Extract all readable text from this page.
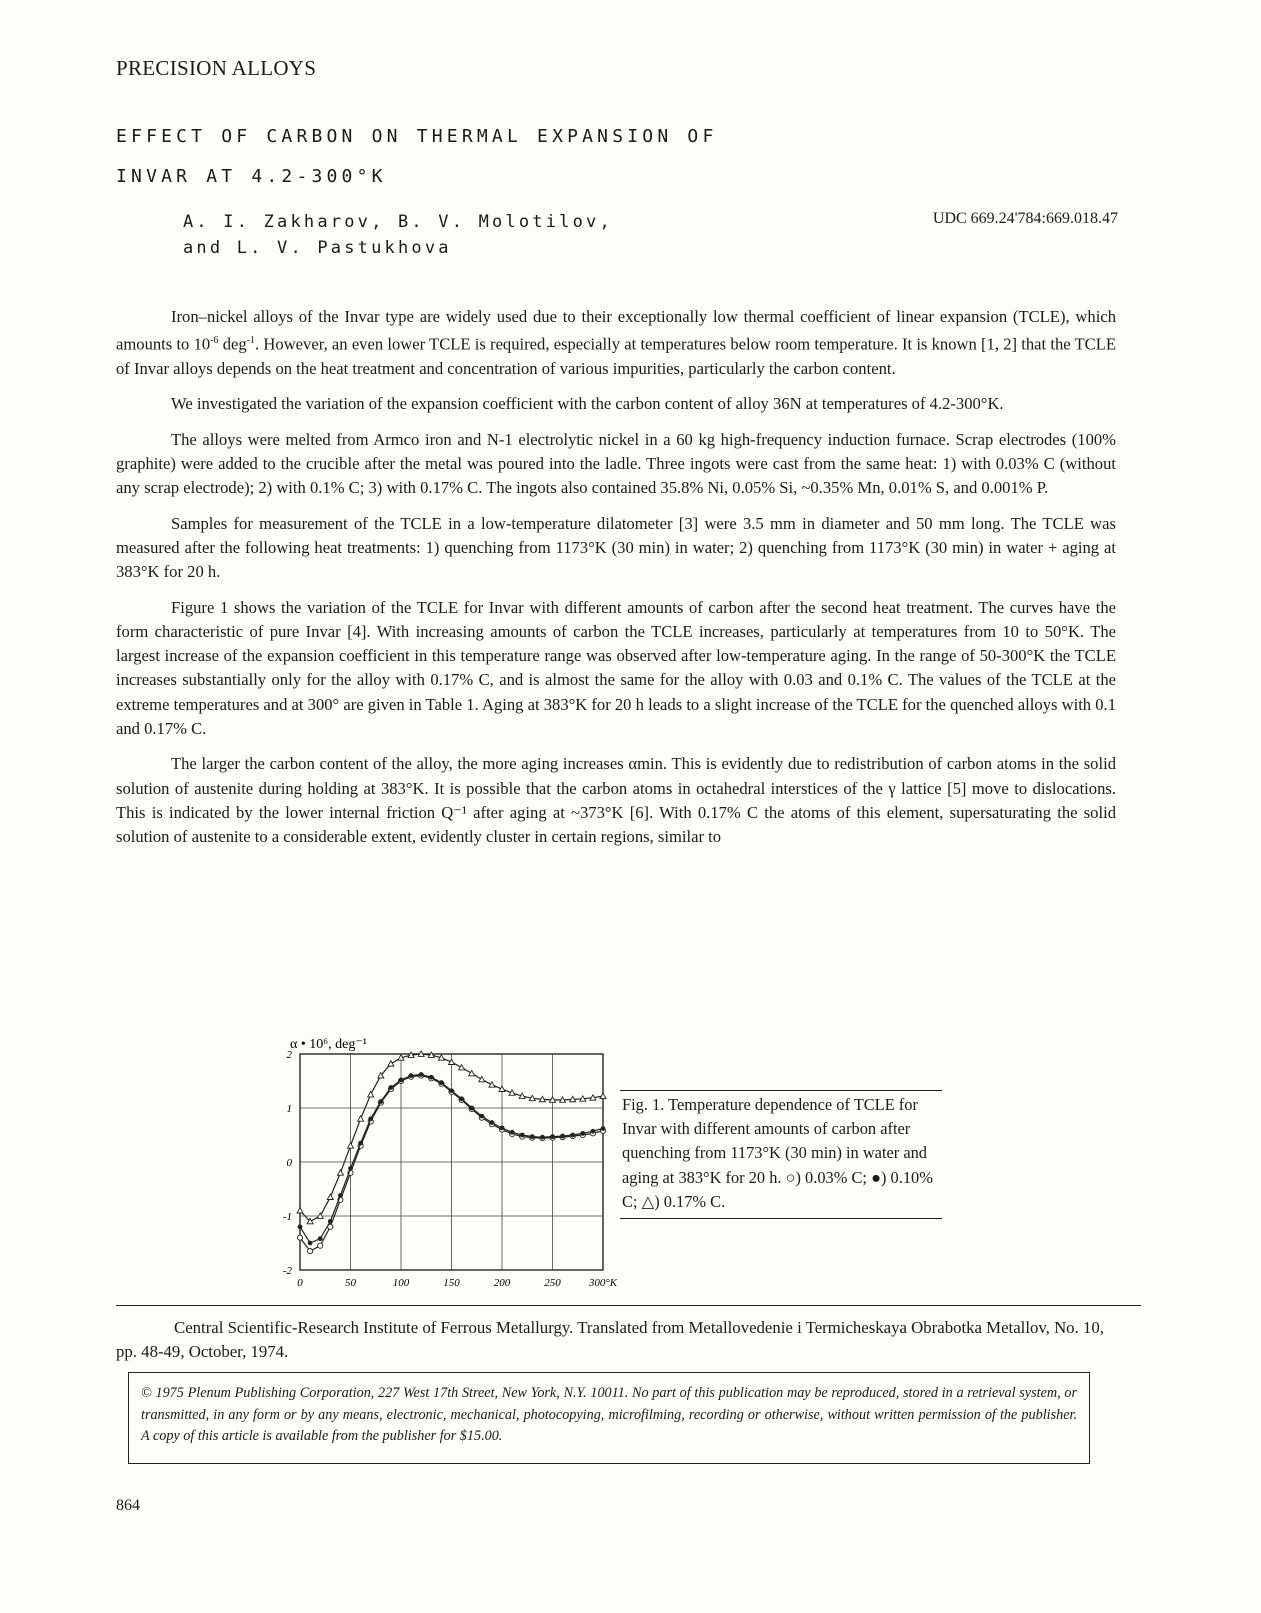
PRECISION ALLOYS
EFFECT OF CARBON ON THERMAL EXPANSION OF
INVAR AT 4.2-300°K
A. I. Zakharov, B. V. Molotilov,
and L. V. Pastukhova
UDC 669.24'784:669.018.47

Iron–nickel alloys of the Invar type are widely used due to their exceptionally low thermal coefficient of linear expansion (TCLE), which amounts to $10^{-6}$ deg$^{-1}$. However, an even lower TCLE is required, especially at temperatures below room temperature. It is known [1, 2] that the TCLE of Invar alloys depends on the heat treatment and concentration of various impurities, particularly the carbon content.

We investigated the variation of the expansion coefficient with the carbon content of alloy 36N at temperatures of 4.2-300°K.

The alloys were melted from Armco iron and N-1 electrolytic nickel in a 60 kg high-frequency induction furnace. Scrap electrodes (100% graphite) were added to the crucible after the metal was poured into the ladle. Three ingots were cast from the same heat: 1) with 0.03% C (without any scrap electrode); 2) with 0.1% C; 3) with 0.17% C. The ingots also contained 35.8% Ni, 0.05% Si, ~0.35% Mn, 0.01% S, and 0.001% P.

Samples for measurement of the TCLE in a low-temperature dilatometer [3] were 3.5 mm in diameter and 50 mm long. The TCLE was measured after the following heat treatments: 1) quenching from 1173°K (30 min) in water; 2) quenching from 1173°K (30 min) in water + aging at 383°K for 20 h.

Figure 1 shows the variation of the TCLE for Invar with different amounts of carbon after the second heat treatment. The curves have the form characteristic of pure Invar [4]. With increasing amounts of carbon the TCLE increases, particularly at temperatures from 10 to 50°K. The largest increase of the expansion coefficient in this temperature range was observed after low-temperature aging. In the range of 50-300°K the TCLE increases substantially only for the alloy with 0.17% C, and is almost the same for the alloy with 0.03 and 0.1% C. The values of the TCLE at the extreme temperatures and at 300° are given in Table 1. Aging at 383°K for 20 h leads to a slight increase of the TCLE for the quenched alloys with 0.1 and 0.17% C.

The larger the carbon content of the alloy, the more aging increases αmin. This is evidently due to redistribution of carbon atoms in the solid solution of austenite during holding at 383°K. It is possible that the carbon atoms in octahedral interstices of the γ lattice [5] move to dislocations. This is indicated by the lower internal friction Q⁻¹ after aging at ~373°K [6]. With 0.17% C the atoms of this element, supersaturating the solid solution of austenite to a considerable extent, evidently cluster in certain regions, similar to

α • 10⁶, deg⁻¹
0	50	100	150	200	250	300°K
2
1
0
-1
-2
Fig. 1. Temperature dependence of TCLE for Invar with different amounts of carbon after quenching from 1173°K (30 min) in water and aging at 383°K for 20 h. ○) 0.03% C; ●) 0.10% C; △) 0.17% C.
Central Scientific-Research Institute of Ferrous Metallurgy. Translated from Metallovedenie i Termicheskaya Obrabotka Metallov, No. 10, pp. 48-49, October, 1974.
© 1975 Plenum Publishing Corporation, 227 West 17th Street, New York, N.Y. 10011. No part of this publication may be reproduced, stored in a retrieval system, or transmitted, in any form or by any means, electronic, mechanical, photocopying, microfilming, recording or otherwise, without written permission of the publisher. A copy of this article is available from the publisher for $15.00.
864
